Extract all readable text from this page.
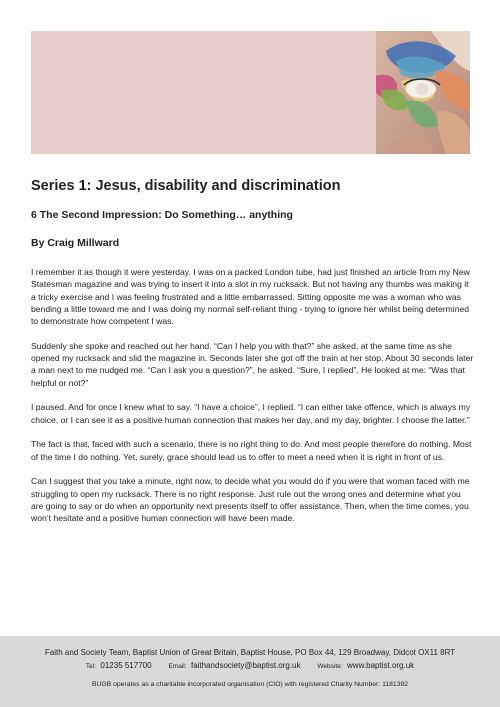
Series 1: Jesus, disability and discrimination
6 The Second Impression: Do Something… anything
By Craig Millward

I remember it as though it were yesterday. I was on a packed London tube, had just finished an article from my New Statesman magazine and was trying to insert it into a slot in my rucksack. But not having any thumbs was making it a tricky exercise and I was feeling frustrated and a little embarrassed. Sitting opposite me was a woman who was bending a little toward me and I was doing my normal self-reliant thing - trying to ignore her whilst being determined to demonstrate how competent I was.

Suddenly she spoke and reached out her hand. “Can I help you with that?” she asked, at the same time as she opened my rucksack and slid the magazine in. Seconds later she got off the train at her stop. About 30 seconds later a man next to me nudged me. “Can I ask you a question?”, he asked. “Sure, I replied”. He looked at me: “Was that helpful or not?”

I paused. And for once I knew what to say. “I have a choice”, I replied. “I can either take offence, which is always my choice, or I can see it as a positive human connection that makes her day, and my day, brighter. I choose the latter.”

The fact is that, faced with such a scenario, there is no right thing to do. And most people therefore do nothing. Most of the time I do nothing. Yet, surely, grace should lead us to offer to meet a need when it is right in front of us.

Can I suggest that you take a minute, right now, to decide what you would do if you were that woman faced with me struggling to open my rucksack. There is no right response. Just rule out the wrong ones and determine what you are going to say or do when an opportunity next presents itself to offer assistance. Then, when the time comes, you won’t hesitate and a positive human connection will have been made.

Faith and Society Team, Baptist Union of Great Britain, Baptist House, PO Box 44, 129 Broadway, Didcot OX11 8RT
Tel: 01235 517700	Email: faithandsociety@baptist.org.uk	Website: www.baptist.org.uk
BUGB operates as a charitable incorporated organisation (CIO) with registered Charity Number: 1181392
